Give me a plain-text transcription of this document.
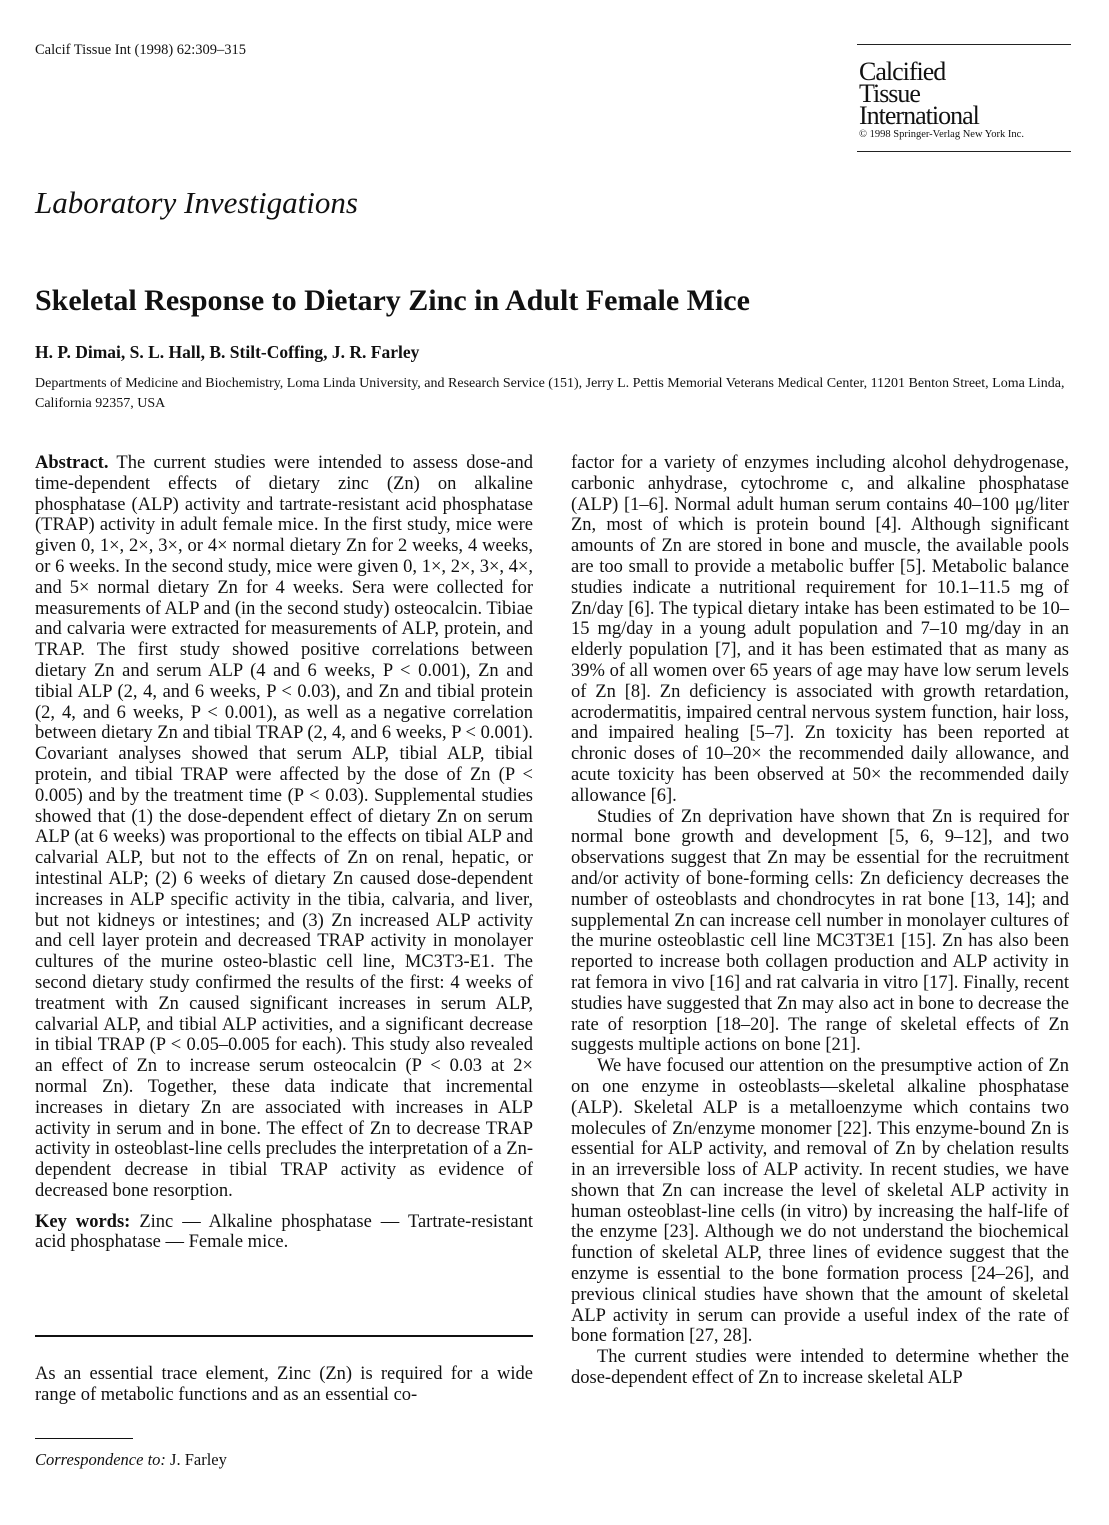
Calcif Tissue Int (1998) 62:309–315
Calcified
Tissue
International
© 1998 Springer-Verlag New York Inc.
Laboratory Investigations
Skeletal Response to Dietary Zinc in Adult Female Mice
H. P. Dimai, S. L. Hall, B. Stilt-Coffing, J. R. Farley
Departments of Medicine and Biochemistry, Loma Linda University, and Research Service (151), Jerry L. Pettis Memorial Veterans Medical Center, 11201 Benton Street, Loma Linda, California 92357, USA

Abstract. The current studies were intended to assess dose-and time-dependent effects of dietary zinc (Zn) on alkaline phosphatase (ALP) activity and tartrate-resistant acid phosphatase (TRAP) activity in adult female mice. In the first study, mice were given 0, 1×, 2×, 3×, or 4× normal dietary Zn for 2 weeks, 4 weeks, or 6 weeks. In the second study, mice were given 0, 1×, 2×, 3×, 4×, and 5× normal dietary Zn for 4 weeks. Sera were collected for measurements of ALP and (in the second study) osteocalcin. Tibiae and calvaria were extracted for measurements of ALP, protein, and TRAP. The first study showed positive correlations between dietary Zn and serum ALP (4 and 6 weeks, P < 0.001), Zn and tibial ALP (2, 4, and 6 weeks, P < 0.03), and Zn and tibial protein (2, 4, and 6 weeks, P < 0.001), as well as a negative correlation between dietary Zn and tibial TRAP (2, 4, and 6 weeks, P < 0.001). Covariant analyses showed that serum ALP, tibial ALP, tibial protein, and tibial TRAP were affected by the dose of Zn (P < 0.005) and by the treatment time (P < 0.03). Supplemental studies showed that (1) the dose-dependent effect of dietary Zn on serum ALP (at 6 weeks) was proportional to the effects on tibial ALP and calvarial ALP, but not to the effects of Zn on renal, hepatic, or intestinal ALP; (2) 6 weeks of dietary Zn caused dose-dependent increases in ALP specific activity in the tibia, calvaria, and liver, but not kidneys or intestines; and (3) Zn increased ALP activity and cell layer protein and decreased TRAP activity in monolayer cultures of the murine osteo-blastic cell line, MC3T3-E1. The second dietary study confirmed the results of the first: 4 weeks of treatment with Zn caused significant increases in serum ALP, calvarial ALP, and tibial ALP activities, and a significant decrease in tibial TRAP (P < 0.05–0.005 for each). This study also revealed an effect of Zn to increase serum osteocalcin (P < 0.03 at 2× normal Zn). Together, these data indicate that incremental increases in dietary Zn are associated with increases in ALP activity in serum and in bone. The effect of Zn to decrease TRAP activity in osteoblast-line cells precludes the interpretation of a Zn-dependent decrease in tibial TRAP activity as evidence of decreased bone resorption.

Key words: Zinc — Alkaline phosphatase — Tartrate-resistant acid phosphatase — Female mice.

As an essential trace element, Zinc (Zn) is required for a wide range of metabolic functions and as an essential co-
Correspondence to: J. Farley

factor for a variety of enzymes including alcohol dehydrogenase, carbonic anhydrase, cytochrome c, and alkaline phosphatase (ALP) [1–6]. Normal adult human serum contains 40–100 μg/liter Zn, most of which is protein bound [4]. Although significant amounts of Zn are stored in bone and muscle, the available pools are too small to provide a metabolic buffer [5]. Metabolic balance studies indicate a nutritional requirement for 10.1–11.5 mg of Zn/day [6]. The typical dietary intake has been estimated to be 10–15 mg/day in a young adult population and 7–10 mg/day in an elderly population [7], and it has been estimated that as many as 39% of all women over 65 years of age may have low serum levels of Zn [8]. Zn deficiency is associated with growth retardation, acrodermatitis, impaired central nervous system function, hair loss, and impaired healing [5–7]. Zn toxicity has been reported at chronic doses of 10–20× the recommended daily allowance, and acute toxicity has been observed at 50× the recommended daily allowance [6].

Studies of Zn deprivation have shown that Zn is required for normal bone growth and development [5, 6, 9–12], and two observations suggest that Zn may be essential for the recruitment and/or activity of bone-forming cells: Zn deficiency decreases the number of osteoblasts and chondrocytes in rat bone [13, 14]; and supplemental Zn can increase cell number in monolayer cultures of the murine osteoblastic cell line MC3T3E1 [15]. Zn has also been reported to increase both collagen production and ALP activity in rat femora in vivo [16] and rat calvaria in vitro [17]. Finally, recent studies have suggested that Zn may also act in bone to decrease the rate of resorption [18–20]. The range of skeletal effects of Zn suggests multiple actions on bone [21].

We have focused our attention on the presumptive action of Zn on one enzyme in osteoblasts—skeletal alkaline phosphatase (ALP). Skeletal ALP is a metalloenzyme which contains two molecules of Zn/enzyme monomer [22]. This enzyme-bound Zn is essential for ALP activity, and removal of Zn by chelation results in an irreversible loss of ALP activity. In recent studies, we have shown that Zn can increase the level of skeletal ALP activity in human osteoblast-line cells (in vitro) by increasing the half-life of the enzyme [23]. Although we do not understand the biochemical function of skeletal ALP, three lines of evidence suggest that the enzyme is essential to the bone formation process [24–26], and previous clinical studies have shown that the amount of skeletal ALP activity in serum can provide a useful index of the rate of bone formation [27, 28].

The current studies were intended to determine whether the dose-dependent effect of Zn to increase skeletal ALP
